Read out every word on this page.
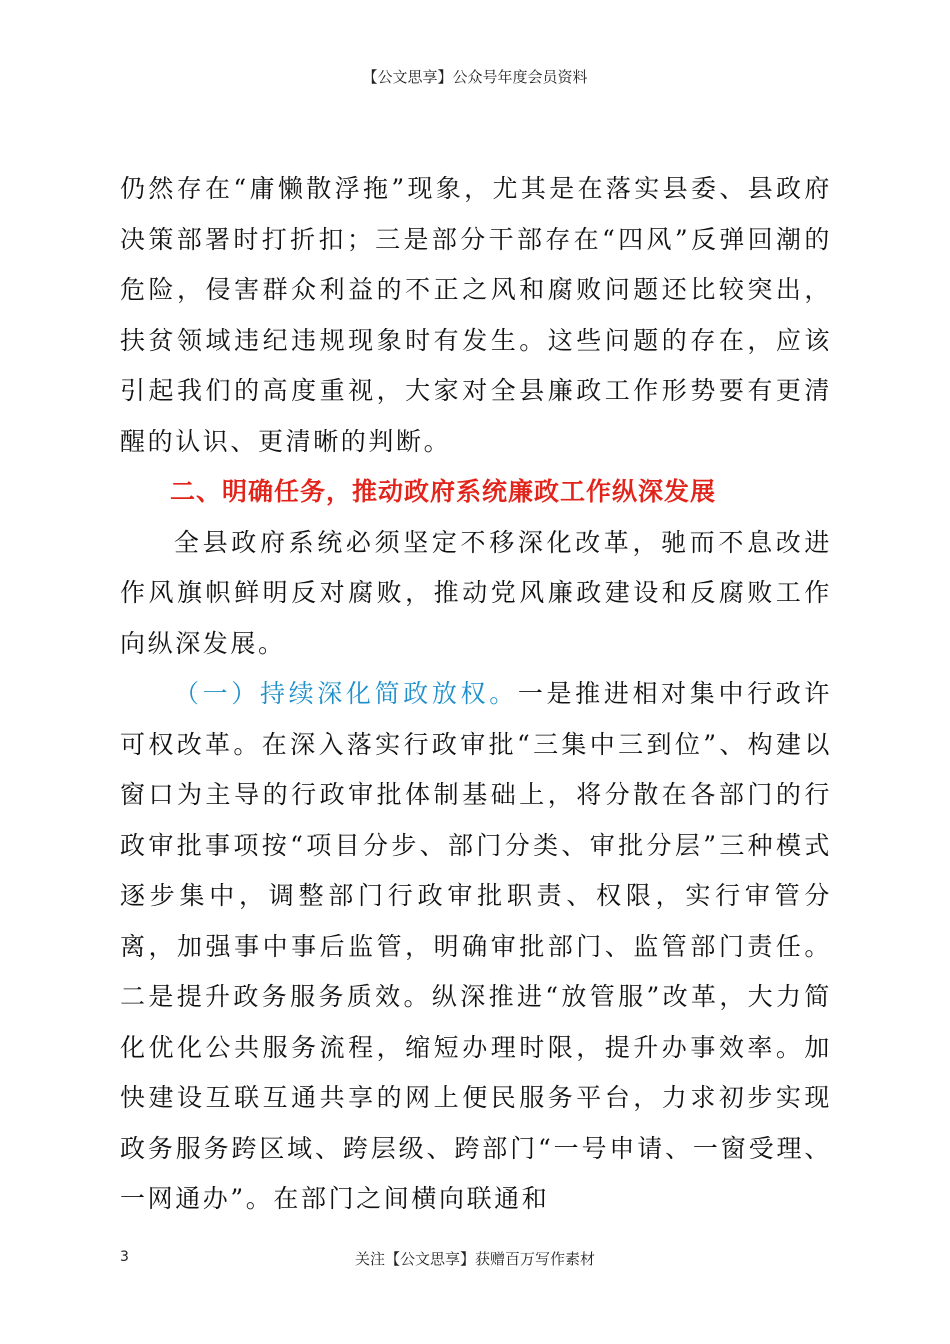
【公文思享】公众号年度会员资料

仍然存在“庸懒散浮拖”现象，尤其是在落实县委、县政府决策部署时打折扣；三是部分干部存在“四风”反弹回潮的危险，侵害群众利益的不正之风和腐败问题还比较突出，扶贫领域违纪违规现象时有发生。这些问题的存在，应该引起我们的高度重视，大家对全县廉政工作形势要有更清醒的认识、更清晰的判断。

二、明确任务，推动政府系统廉政工作纵深发展

全县政府系统必须坚定不移深化改革，驰而不息改进作风旗帜鲜明反对腐败，推动党风廉政建设和反腐败工作向纵深发展。

（一）持续深化简政放权。一是推进相对集中行政许可权改革。在深入落实行政审批“三集中三到位”、构建以窗口为主导的行政审批体制基础上，将分散在各部门的行政审批事项按“项目分步、部门分类、审批分层”三种模式逐步集中，调整部门行政审批职责、权限，实行审管分离，加强事中事后监管，明确审批部门、监管部门责任。二是提升政务服务质效。纵深推进“放管服”改革，大力简化优化公共服务流程，缩短办理时限，提升办事效率。加快建设互联互通共享的网上便民服务平台，力求初步实现政务服务跨区域、跨层级、跨部门“一号申请、一窗受理、一网通办”。在部门之间横向联通和

3	关注【公文思享】获赠百万写作素材
